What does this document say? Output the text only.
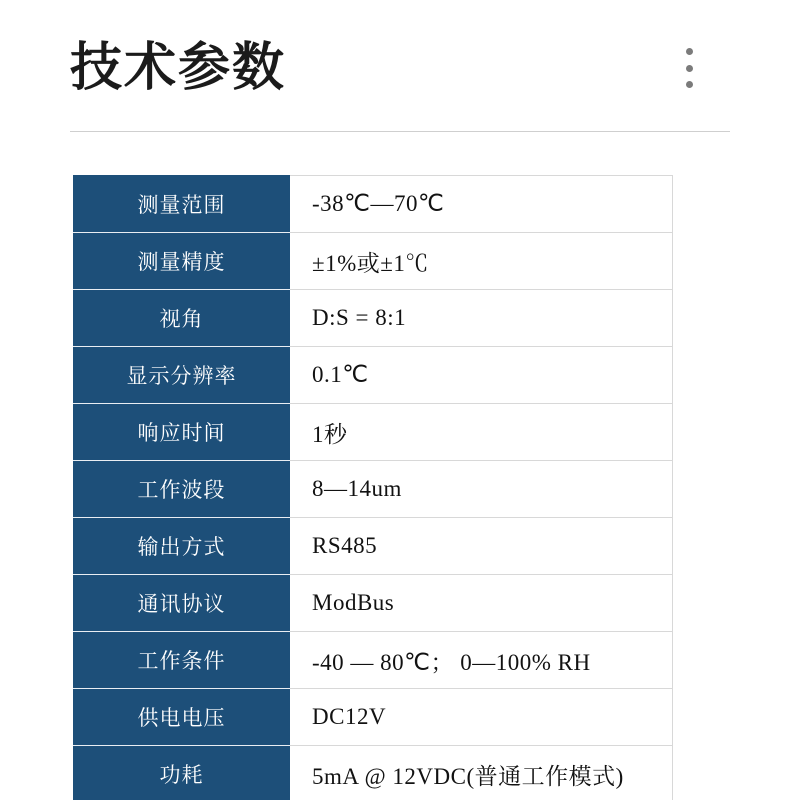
技术参数
测量范围	-38℃—70℃
测量精度	±1%或±1℃
视角	D:S = 8:1
显示分辨率	0.1℃
响应时间	1秒
工作波段	8—14um
输出方式	RS485
通讯协议	ModBus
工作条件	-40 — 80℃； 0—100% RH
供电电压	DC12V
功耗	5mA @ 12VDC(普通工作模式)
